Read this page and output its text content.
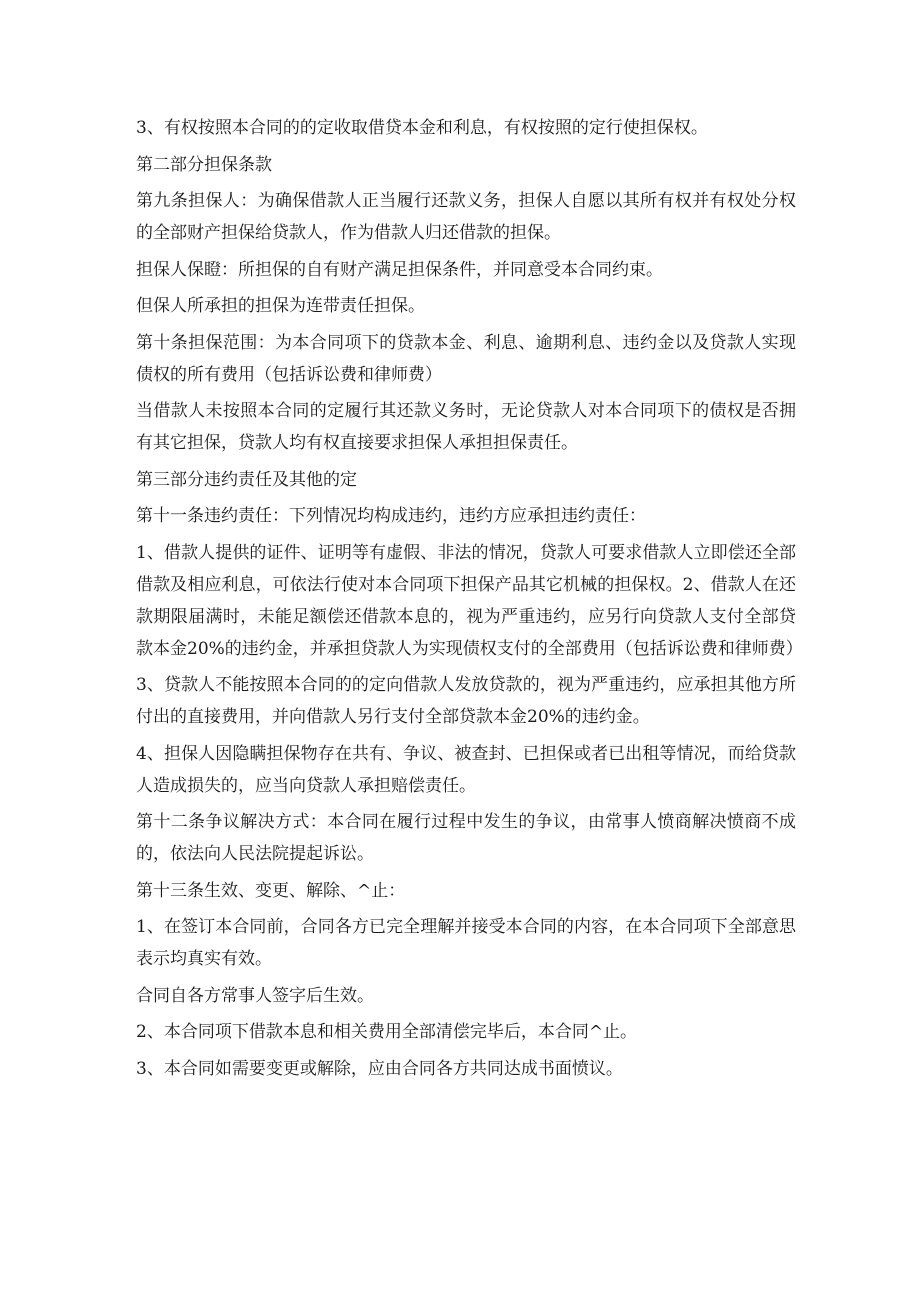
3、有权按照本合同的的定收取借贷本金和利息，有权按照的定行使担保权。

第二部分担保条款

第九条担保人：为确保借款人正当履行还款义务，担保人自愿以其所有权并有权处分权的全部财产担保给贷款人，作为借款人归还借款的担保。

担保人保瞪：所担保的自有财产满足担保条件，并同意受本合同约束。

但保人所承担的担保为连带责任担保。

第十条担保范围：为本合同项下的贷款本金、利息、逾期利息、违约金以及贷款人实现债权的所有费用（包括诉讼费和律师费）

当借款人未按照本合同的定履行其还款义务时，无论贷款人对本合同项下的债权是否拥有其它担保，贷款人均有权直接要求担保人承担担保责任。

第三部分违约责任及其他的定

第十一条违约责任：下列情况均构成违约，违约方应承担违约责任：

1、借款人提供的证件、证明等有虚假、非法的情况，贷款人可要求借款人立即偿还全部借款及相应利息，可依法行使对本合同项下担保产品其它机械的担保权。2、借款人在还款期限届满时，未能足额偿还借款本息的，视为严重违约，应另行向贷款人支付全部贷款本金20%的违约金，并承担贷款人为实现债权支付的全部费用（包括诉讼费和律师费）

3、贷款人不能按照本合同的的定向借款人发放贷款的，视为严重违约，应承担其他方所付出的直接费用，并向借款人另行支付全部贷款本金20%的违约金。

4、担保人因隐瞒担保物存在共有、争议、被查封、已担保或者已出租等情况，而给贷款人造成损失的，应当向贷款人承担赔偿责任。

第十二条争议解决方式：本合同在履行过程中发生的争议，由常事人愤商解决愤商不成的，依法向人民法院提起诉讼。

第十三条生效、变更、解除、^止：

1、在签订本合同前，合同各方已完全理解并接受本合同的内容，在本合同项下全部意思表示均真实有效。

合同自各方常事人签字后生效。

2、本合同项下借款本息和相关费用全部清偿完毕后，本合同^止。

3、本合同如需要变更或解除，应由合同各方共同达成书面愤议。
